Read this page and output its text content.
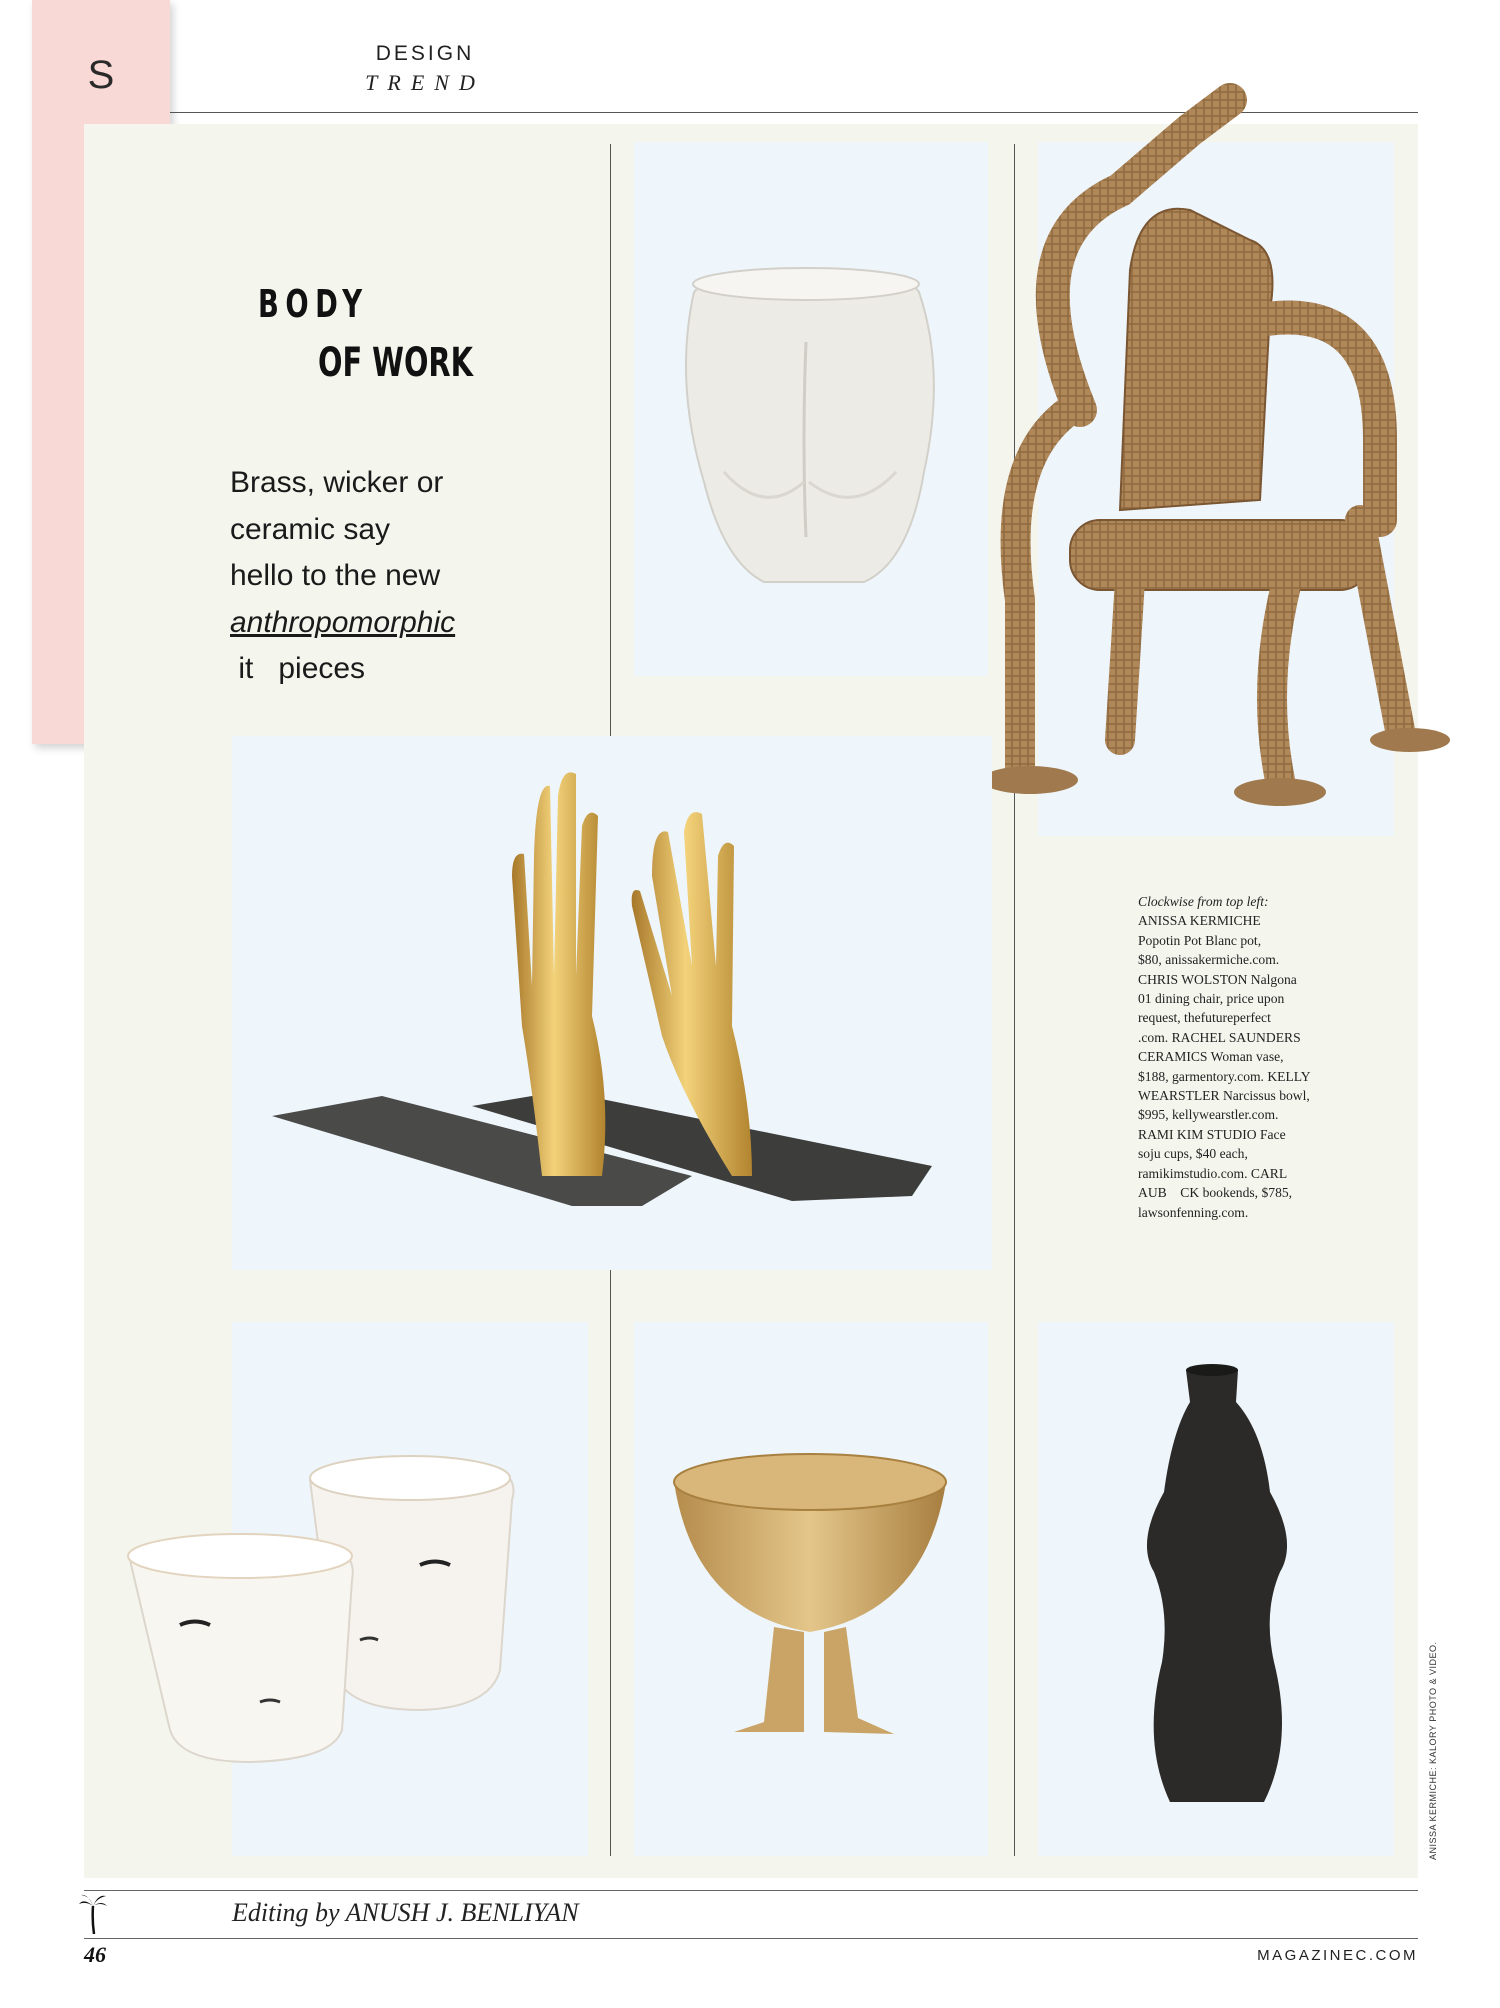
S	DESIGN
TREND
BODY
OF WORK
Brass, wicker or
ceramic say
hello to the new
anthropomorphic
it   pieces
Clockwise from top left:
ANISSA KERMICHE
Popotin Pot Blanc pot,
$80, anissakermiche.com.
CHRIS WOLSTON Nalgona
01 dining chair, price upon
request, thefutureperfect
.com. RACHEL SAUNDERS
CERAMICS Woman vase,
$188, garmentory.com. KELLY
WEARSTLER Narcissus bowl,
$995, kellywearstler.com.
RAMI KIM STUDIO Face
soju cups, $40 each,
ramikimstudio.com. CARL
AUB    CK bookends, $785,
lawsonfenning.com.
ANISSA KERMICHE: KALORY PHOTO & VIDEO.
Editing by ANUSH J. BENLIYAN
46	MAGAZINEC.COM
